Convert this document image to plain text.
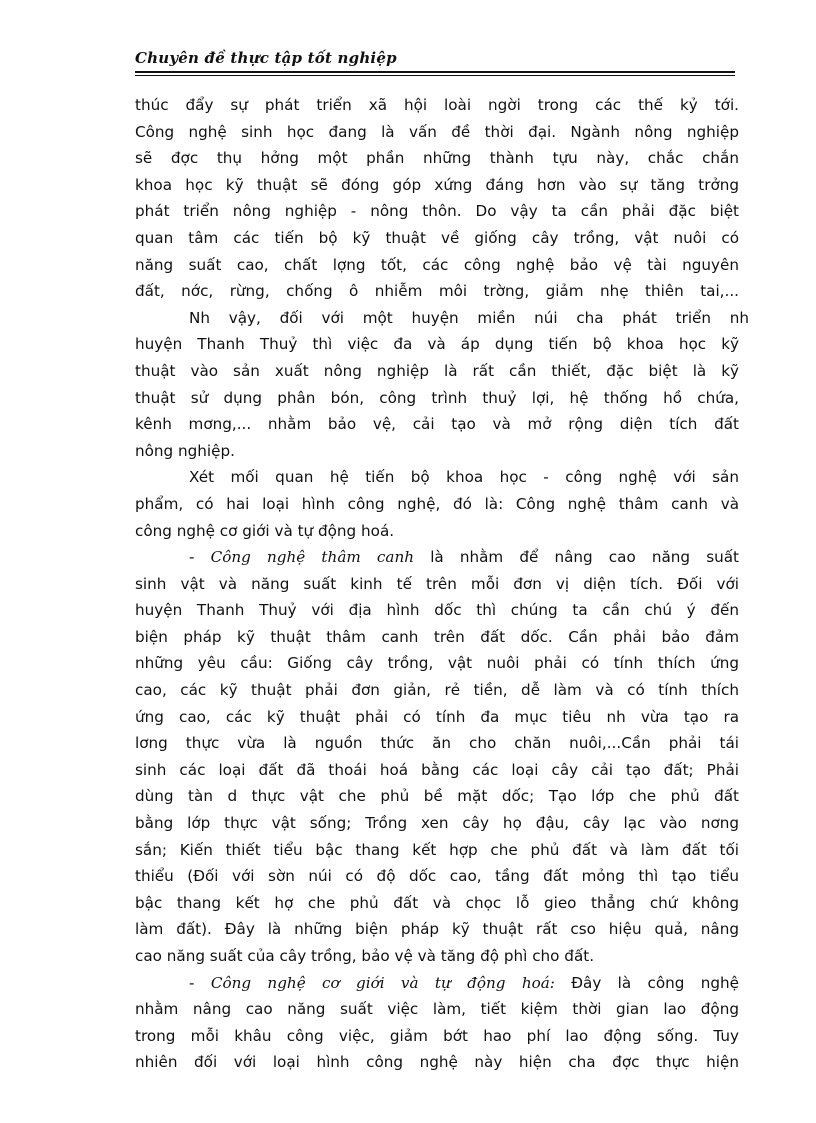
Chuyên đề thực tập tốt nghiệp
thúc đẩy sự phát triển xã hội loài ngời trong các thế kỷ tới.
Công nghệ sinh học đang là vấn đề thời đại. Ngành nông nghiệp
sẽ đợc thụ hởng một phần những thành tựu này, chắc chắn
khoa học kỹ thuật sẽ đóng góp xứng đáng hơn vào sự tăng trởng
phát triển nông nghiệp - nông thôn. Do vậy ta cần phải đặc biệt
quan tâm các tiến bộ kỹ thuật về giống cây trồng, vật nuôi có
năng suất cao, chất lợng tốt, các công nghệ bảo vệ tài nguyên
đất, nớc, rừng, chống ô nhiễm môi trờng, giảm nhẹ thiên tai,...
Nh vậy, đối với một huyện miền núi cha phát triển nh
huyện Thanh Thuỷ thì việc đa và áp dụng tiến bộ khoa học kỹ
thuật vào sản xuất nông nghiệp là rất cần thiết, đặc biệt là kỹ
thuật sử dụng phân bón, công trình thuỷ lợi, hệ thống hồ chứa,
kênh mơng,... nhằm bảo vệ, cải tạo và mở rộng diện tích đất
nông nghiệp.
Xét mối quan hệ tiến bộ khoa học - công nghệ với sản
phẩm, có hai loại hình công nghệ, đó là: Công nghệ thâm canh và
công nghệ cơ giới và tự động hoá.
- Công nghệ thâm canh là nhằm để nâng cao năng suất
sinh vật và năng suất kinh tế trên mỗi đơn vị diện tích. Đối với
huyện Thanh Thuỷ với địa hình dốc thì chúng ta cần chú ý đến
biện pháp kỹ thuật thâm canh trên đất dốc. Cần phải bảo đảm
những yêu cầu: Giống cây trồng, vật nuôi phải có tính thích ứng
cao, các kỹ thuật phải đơn giản, rẻ tiền, dễ làm và có tính thích
ứng cao, các kỹ thuật phải có tính đa mục tiêu nh vừa tạo ra
lơng thực vừa là nguồn thức ăn cho chăn nuôi,...Cần phải tái
sinh các loại đất đã thoái hoá bằng các loại cây cải tạo đất; Phải
dùng tàn d thực vật che phủ bề mặt dốc; Tạo lớp che phủ đất
bằng lớp thực vật sống; Trồng xen cây họ đậu, cây lạc vào nơng
sắn; Kiến thiết tiểu bậc thang kết hợp che phủ đất và làm đất tối
thiểu (Đối với sờn núi có độ dốc cao, tầng đất mỏng thì tạo tiểu
bậc thang kết hợ che phủ đất và chọc lỗ gieo thẳng chứ không
làm đất). Đây là những biện pháp kỹ thuật rất cso hiệu quả, nâng
cao năng suất của cây trồng, bảo vệ và tăng độ phì cho đất.
- Công nghệ cơ giới và tự động hoá: Đây là công nghệ
nhằm nâng cao năng suất việc làm, tiết kiệm thời gian lao động
trong mỗi khâu công việc, giảm bớt hao phí lao động sống. Tuy
nhiên đối với loại hình công nghệ này hiện cha đợc thực hiện
